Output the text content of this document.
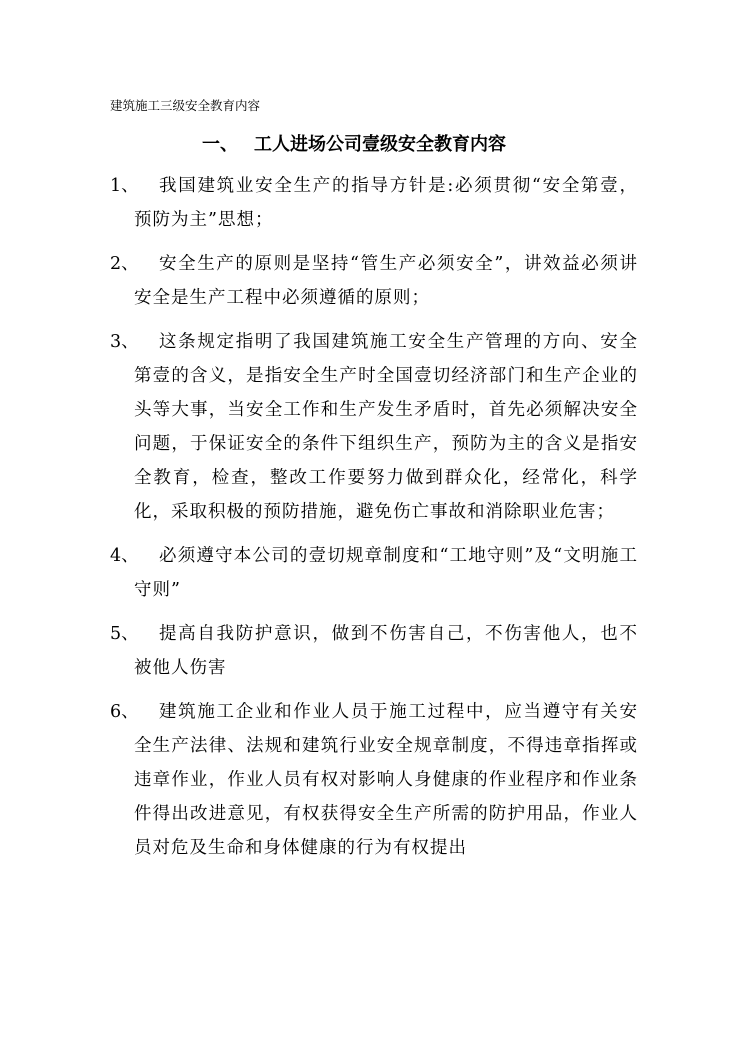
建筑施工三级安全教育内容
一、 工人进场公司壹级安全教育内容
1、	我国建筑业安全生产的指导方针是:必须贯彻“安全第壹，预防为主”思想；
2、	安全生产的原则是坚持“管生产必须安全”，讲效益必须讲安全是生产工程中必须遵循的原则；
3、	这条规定指明了我国建筑施工安全生产管理的方向、安全第壹的含义，是指安全生产时全国壹切经济部门和生产企业的头等大事，当安全工作和生产发生矛盾时，首先必须解决安全问题，于保证安全的条件下组织生产，预防为主的含义是指安全教育，检查，整改工作要努力做到群众化，经常化，科学化，采取积极的预防措施，避免伤亡事故和消除职业危害；
4、	必须遵守本公司的壹切规章制度和“工地守则”及“文明施工守则”
5、	提高自我防护意识，做到不伤害自己，不伤害他人，也不被他人伤害
6、	建筑施工企业和作业人员于施工过程中，应当遵守有关安全生产法律、法规和建筑行业安全规章制度，不得违章指挥或违章作业，作业人员有权对影响人身健康的作业程序和作业条件得出改进意见，有权获得安全生产所需的防护用品，作业人员对危及生命和身体健康的行为有权提出
